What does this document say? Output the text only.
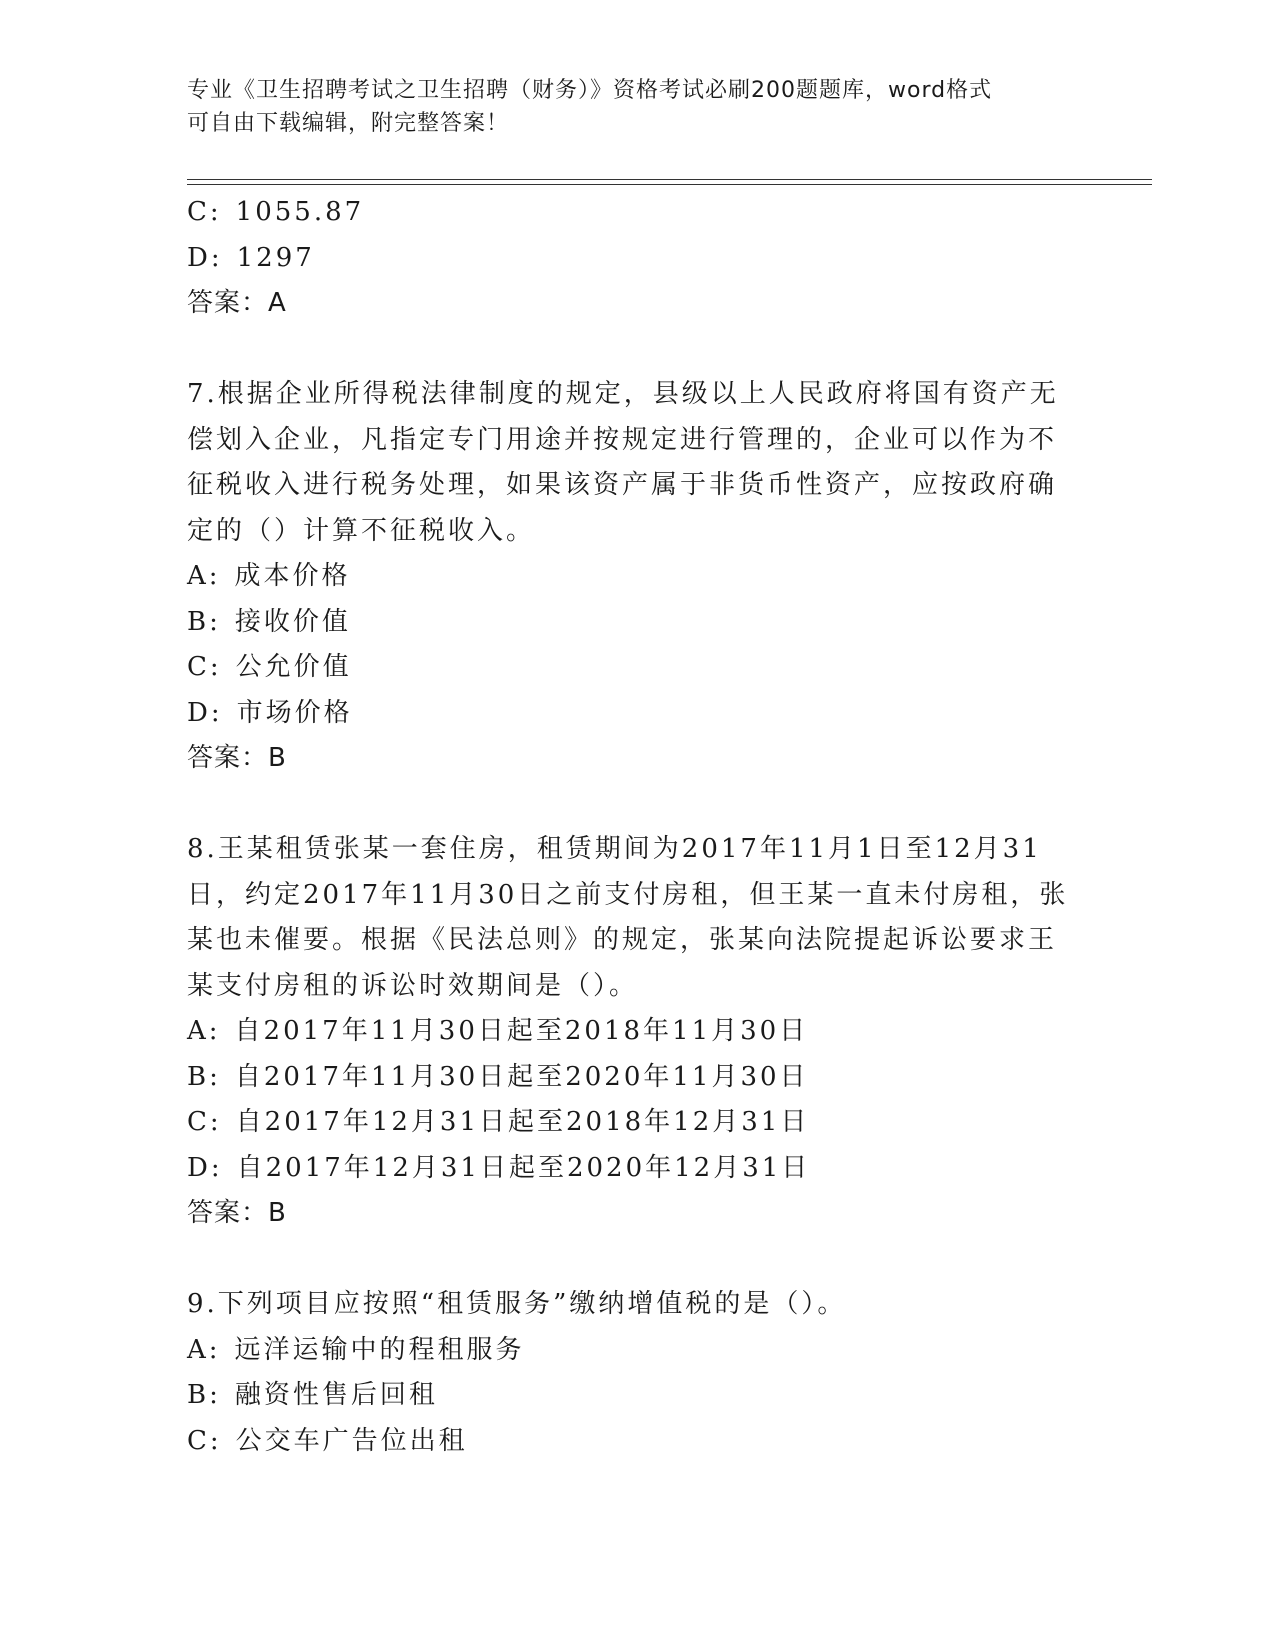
专业《卫生招聘考试之卫生招聘（财务）》资格考试必刷200题题库，word格式
可自由下载编辑，附完整答案！
C: 1055.87
D: 1297
答案：A
7.根据企业所得税法律制度的规定，县级以上人民政府将国有资产无
偿划入企业，凡指定专门用途并按规定进行管理的，企业可以作为不
征税收入进行税务处理，如果该资产属于非货币性资产，应按政府确
定的（）计算不征税收入。
A: 成本价格
B: 接收价值
C: 公允价值
D: 市场价格
答案：B
8.王某租赁张某一套住房，租赁期间为2017年11月1日至12月31
日，约定2017年11月30日之前支付房租，但王某一直未付房租，张
某也未催要。根据《民法总则》的规定，张某向法院提起诉讼要求王
某支付房租的诉讼时效期间是（）。
A: 自2017年11月30日起至2018年11月30日
B: 自2017年11月30日起至2020年11月30日
C: 自2017年12月31日起至2018年12月31日
D: 自2017年12月31日起至2020年12月31日
答案：B
9.下列项目应按照“租赁服务”缴纳增值税的是（）。
A: 远洋运输中的程租服务
B: 融资性售后回租
C: 公交车广告位出租
